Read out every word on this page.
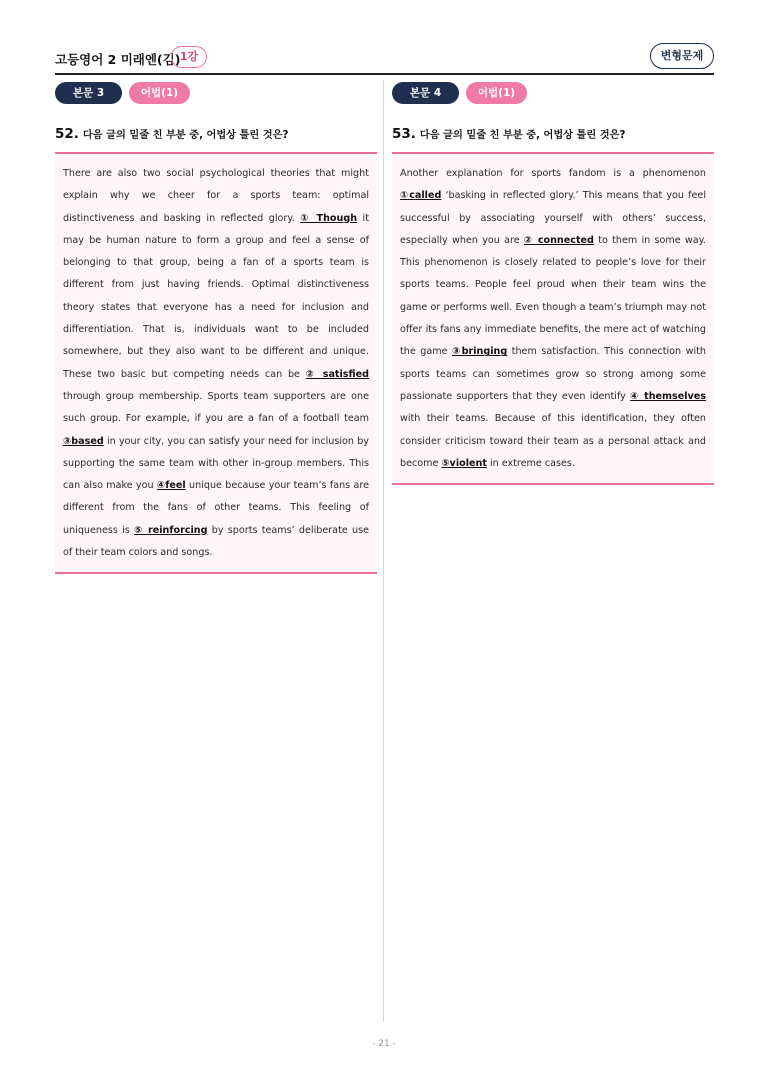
고등영어 2 미래엔(김) 1강	변형문제
본문 3	어법(1)
52. 다음 글의 밑줄 친 부분 중, 어법상 틀린 것은?

There are also two social psychological theories that might explain why we cheer for a sports team: optimal distinctiveness and basking in reflected glory. ① Though it may be human nature to form a group and feel a sense of belonging to that group, being a fan of a sports team is different from just having friends. Optimal distinctiveness theory states that everyone has a need for inclusion and differentiation. That is, individuals want to be included somewhere, but they also want to be different and unique. These two basic but competing needs can be ② satisfied through group membership. Sports team supporters are one such group. For example, if you are a fan of a football team ③based in your city, you can satisfy your need for inclusion by supporting the same team with other in-group members. This can also make you ④feel unique because your team’s fans are different from the fans of other teams. This feeling of uniqueness is ⑤ reinforcing by sports teams’ deliberate use of their team colors and songs.

본문 4	어법(1)
53. 다음 글의 밑줄 친 부분 중, 어법상 틀린 것은?

Another explanation for sports fandom is a phenomenon ①called ‘basking in reflected glory.’ This means that you feel successful by associating yourself with others’ success, especially when you are ② connected to them in some way. This phenomenon is closely related to people’s love for their sports teams. People feel proud when their team wins the game or performs well. Even though a team’s triumph may not offer its fans any immediate benefits, the mere act of watching the game ③bringing them satisfaction. This connection with sports teams can sometimes grow so strong among some passionate supporters that they even identify ④ themselves with their teams. Because of this identification, they often consider criticism toward their team as a personal attack and become ⑤violent in extreme cases.

- 21 -
